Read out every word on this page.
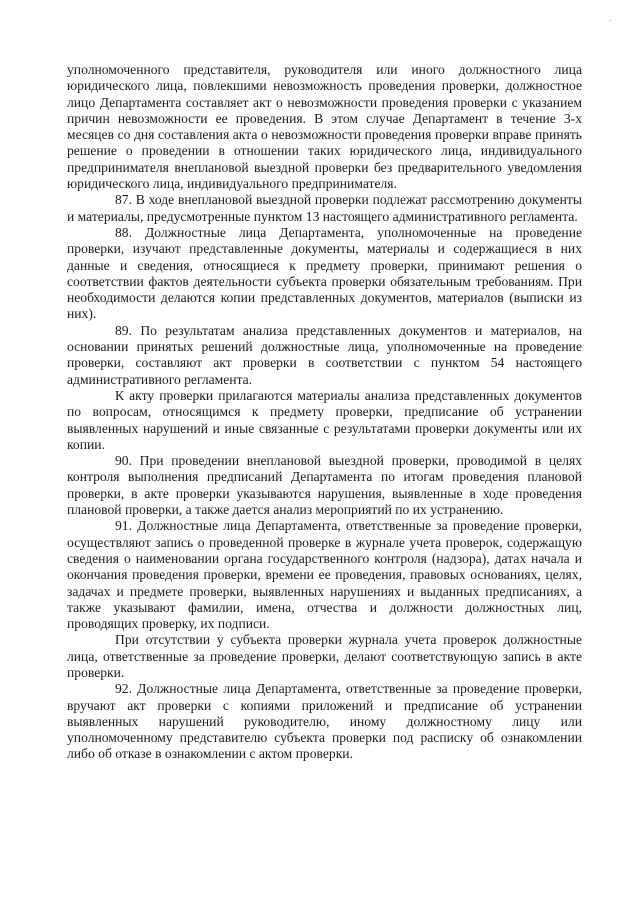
уполномоченного представителя, руководителя или иного должностного лица юридического лица, повлекшими невозможность проведения проверки, должностное лицо Департамента составляет акт о невозможности проведения проверки с указанием причин невозможности ее проведения. В этом случае Департамент в течение 3-х месяцев со дня составления акта о невозможности проведения проверки вправе принять решение о проведении в отношении таких юридического лица, индивидуального предпринимателя внеплановой выездной проверки без предварительного уведомления юридического лица, индивидуального предпринимателя.

87. В ходе внеплановой выездной проверки подлежат рассмотрению документы и материалы, предусмотренные пунктом 13 настоящего административного регламента.

88. Должностные лица Департамента, уполномоченные на проведение проверки, изучают представленные документы, материалы и содержащиеся в них данные и сведения, относящиеся к предмету проверки, принимают решения о соответствии фактов деятельности субъекта проверки обязательным требованиям. При необходимости делаются копии представленных документов, материалов (выписки из них).

89. По результатам анализа представленных документов и материалов, на основании принятых решений должностные лица, уполномоченные на проведение проверки, составляют акт проверки в соответствии с пунктом 54 настоящего административного регламента.

К акту проверки прилагаются материалы анализа представленных документов по вопросам, относящимся к предмету проверки, предписание об устранении выявленных нарушений и иные связанные с результатами проверки документы или их копии.

90. При проведении внеплановой выездной проверки, проводимой в целях контроля выполнения предписаний Департамента по итогам проведения плановой проверки, в акте проверки указываются нарушения, выявленные в ходе проведения плановой проверки, а также дается анализ мероприятий по их устранению.

91. Должностные лица Департамента, ответственные за проведение проверки, осуществляют запись о проведенной проверке в журнале учета проверок, содержащую сведения о наименовании органа государственного контроля (надзора), датах начала и окончания проведения проверки, времени ее проведения, правовых основаниях, целях, задачах и предмете проверки, выявленных нарушениях и выданных предписаниях, а также указывают фамилии, имена, отчества и должности должностных лиц, проводящих проверку, их подписи.

При отсутствии у субъекта проверки журнала учета проверок должностные лица, ответственные за проведение проверки, делают соответствующую запись в акте проверки.

92. Должностные лица Департамента, ответственные за проведение проверки, вручают акт проверки с копиями приложений и предписание об устранении выявленных нарушений руководителю, иному должностному лицу или уполномоченному представителю субъекта проверки под расписку об ознакомлении либо об отказе в ознакомлении с актом проверки.
